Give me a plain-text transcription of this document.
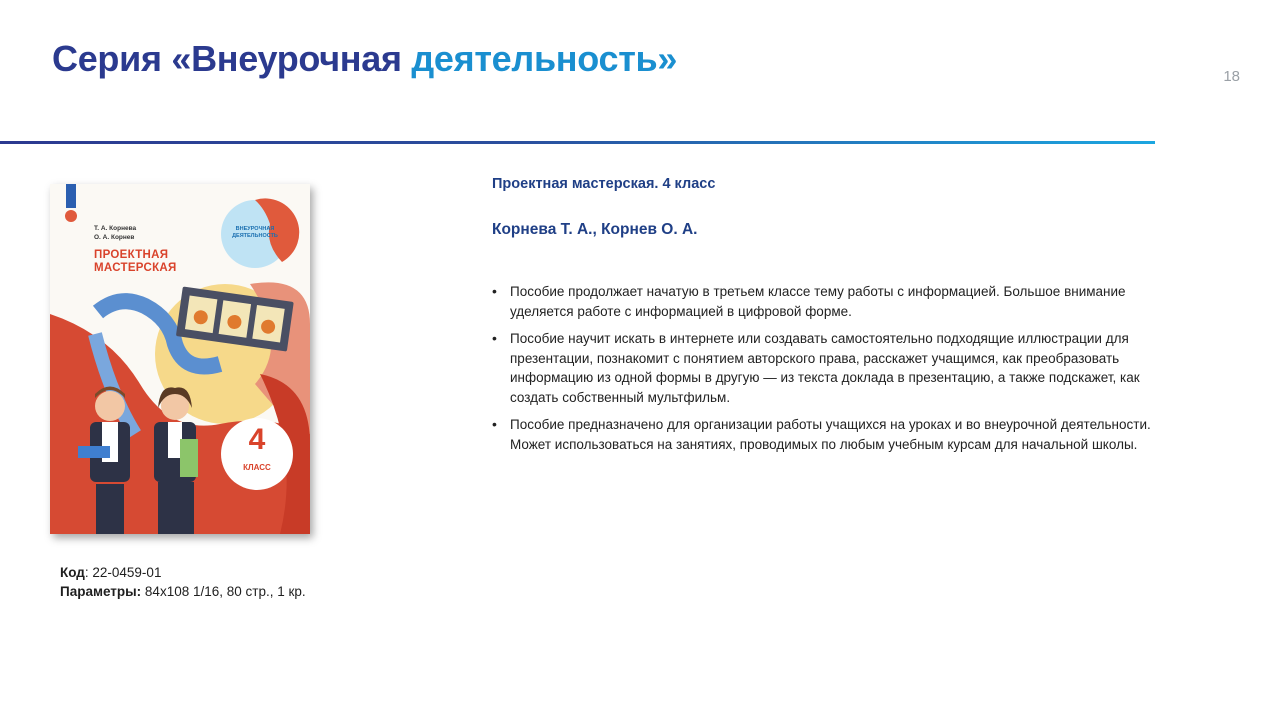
Серия «Внеурочная деятельность»	18
Т. А. Корнева
О. А. Корнев
ПРОЕКТНАЯ
МАСТЕРСКАЯ
ВНЕУРОЧНАЯ
ДЕЯТЕЛЬНОСТЬ
4
КЛАСС
Код: 22-0459-01
Параметры: 84x108 1/16, 80 стр., 1 кр.
Проектная мастерская. 4 класс
Корнева Т. А., Корнев О. А.
• Пособие продолжает начатую в третьем классе тему работы с информацией. Большое внимание уделяется работе с информацией в цифровой форме.
• Пособие научит искать в интернете или создавать самостоятельно подходящие иллюстрации для презентации, познакомит с понятием авторского права, расскажет учащимся, как преобразовать информацию из одной формы в другую — из текста доклада в презентацию, а также подскажет, как создать собственный мультфильм.
• Пособие предназначено для организации работы учащихся на уроках и во внеурочной деятельности. Может использоваться на занятиях, проводимых по любым учебным курсам для начальной школы.
